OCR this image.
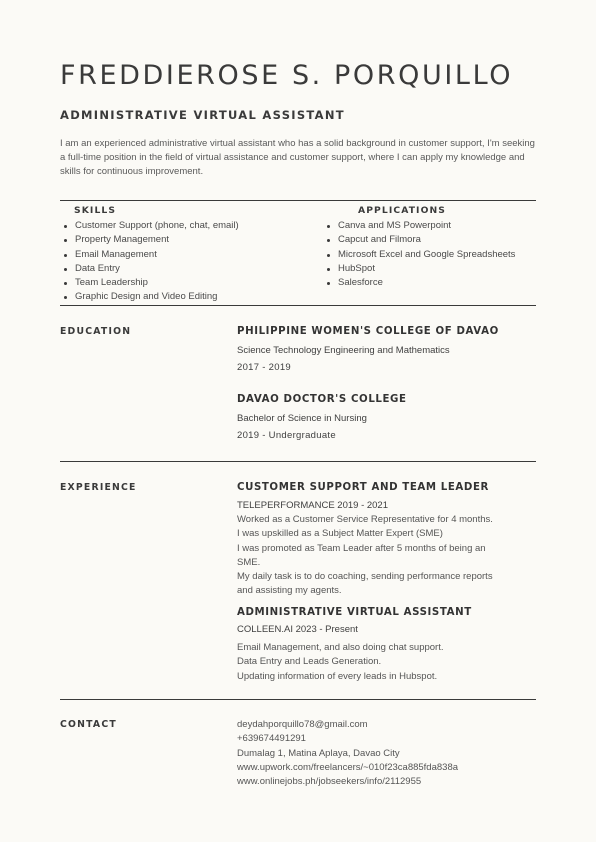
FREDDIEROSE S. PORQUILLO
ADMINISTRATIVE VIRTUAL ASSISTANT

I am an experienced administrative virtual assistant who has a solid background in customer support, I'm seeking a full-time position in the field of virtual assistance and customer support, where I can apply my knowledge and skills for continuous improvement.

SKILLS
Customer Support (phone, chat, email)
Property Management
Email Management
Data Entry
Team Leadership
Graphic Design and Video Editing
APPLICATIONS
Canva and MS Powerpoint
Capcut and Filmora
Microsoft Excel and Google Spreadsheets
HubSpot
Salesforce
EDUCATION	PHILIPPINE WOMEN'S COLLEGE OF DAVAO

Science Technology Engineering and Mathematics

2017 - 2019

DAVAO DOCTOR'S COLLEGE

Bachelor of Science in Nursing

2019 - Undergraduate

EXPERIENCE	CUSTOMER SUPPORT AND TEAM LEADER

TELEPERFORMANCE 2019 - 2021

Worked as a Customer Service Representative for 4 months.

I was upskilled as a Subject Matter Expert (SME)

I was promoted as Team Leader after 5 months of being an

SME.

My daily task is to do coaching, sending performance reports

and assisting my agents.

ADMINISTRATIVE VIRTUAL ASSISTANT

COLLEEN.AI 2023 - Present

Email Management, and also doing chat support.

Data Entry and Leads Generation.

Updating information of every leads in Hubspot.

CONTACT	deydahporquillo78@gmail.com

+639674491291

Dumalag 1, Matina Aplaya, Davao City

www.upwork.com/freelancers/~010f23ca885fda838a

www.onlinejobs.ph/jobseekers/info/2112955
